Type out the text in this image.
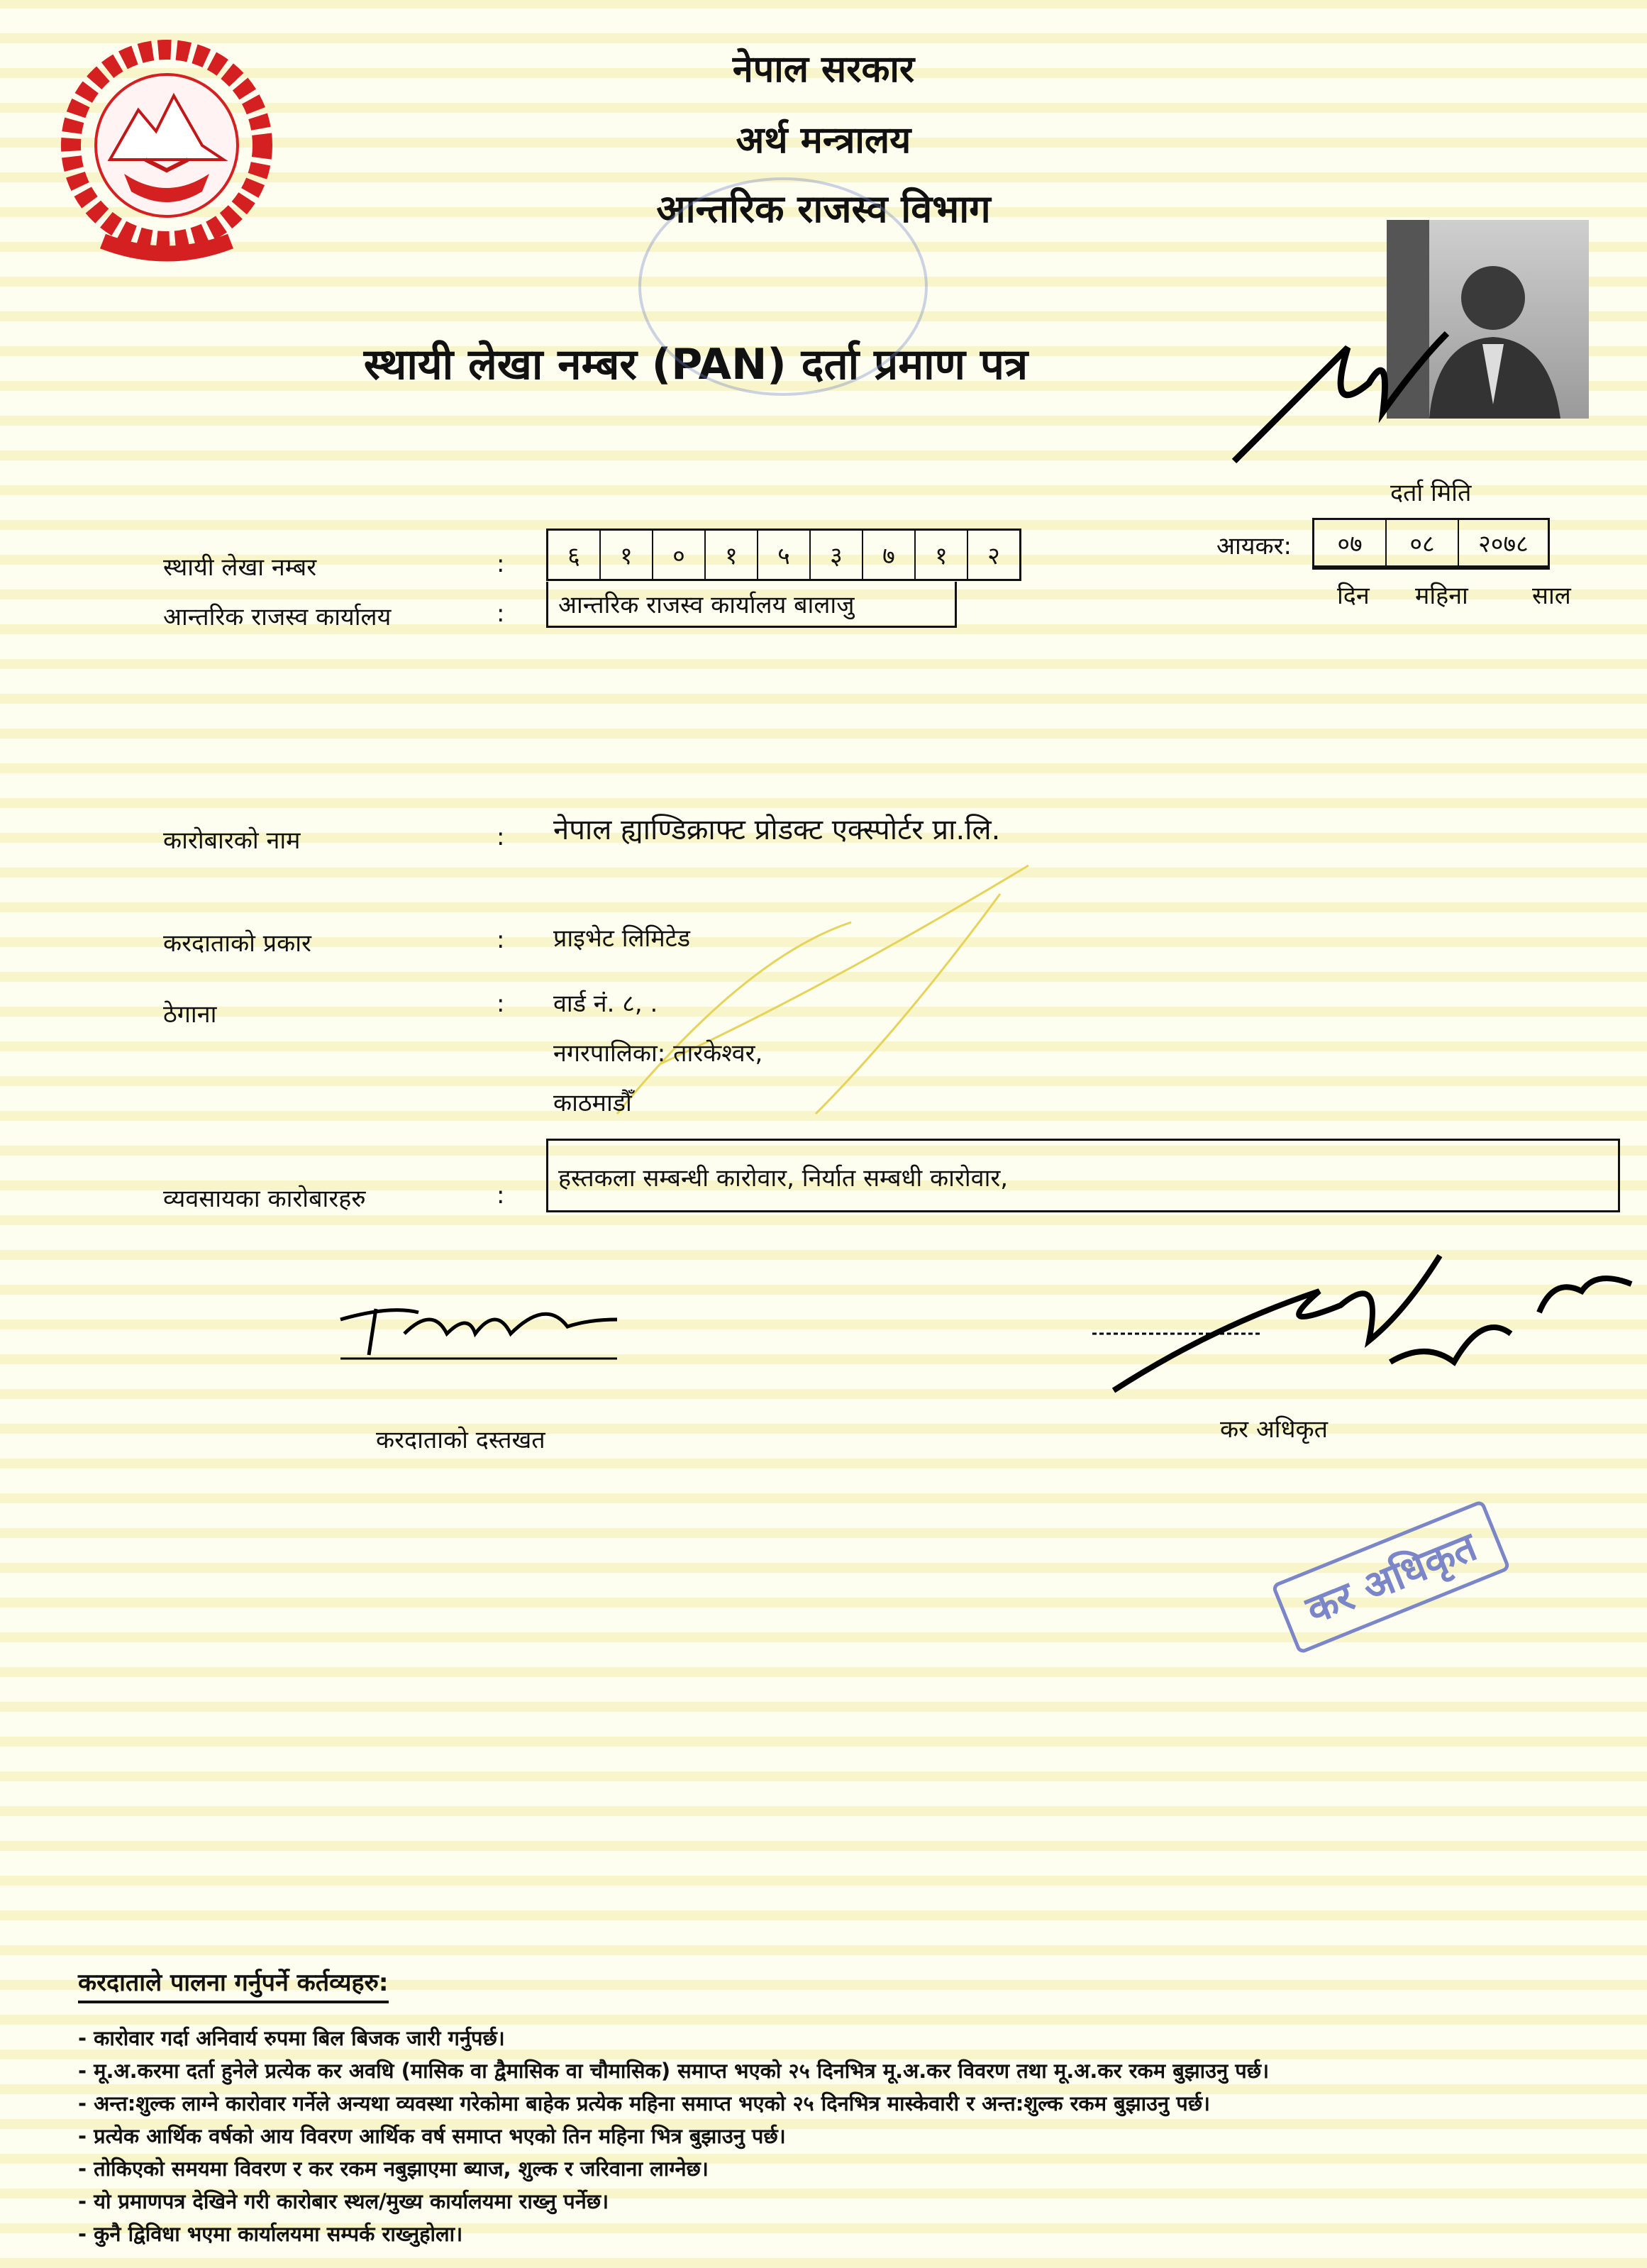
नेपाल सरकार
अर्थ मन्त्रालय
आन्तरिक राजस्व विभाग
स्थायी लेखा नम्बर (PAN) दर्ता प्रमाण पत्र
दर्ता मिति
आयकर:	०७	०८	२०७८
दिन महिना	साल
स्थायी लेखा नम्बर	:	६	१	०	१	५	३	७	१	२
आन्तरिक राजस्व कार्यालय	:	आन्तरिक राजस्व कार्यालय बालाजु
कारोबारको नाम	: नेपाल ह्याण्डिक्राफ्ट प्रोडक्ट एक्स्पोर्टर प्रा.लि.
करदाताको प्रकार	: प्राइभेट लिमिटेड
ठेगाना	: वार्ड नं. ८, .
नगरपालिका: तारकेश्वर,
काठमाडौँ
व्यवसायका कारोबारहरु	:
हस्तकला सम्बन्धी कारोवार, निर्यात सम्बधी कारोवार,
करदाताको दस्तखत	कर अधिकृत
कर अधिकृत
करदाताले पालना गर्नुपर्ने कर्तव्यहरु:
- कारोवार गर्दा अनिवार्य रुपमा बिल बिजक जारी गर्नुपर्छ।
- मू.अ.करमा दर्ता हुनेले प्रत्येक कर अवधि (मासिक वा द्वैमासिक वा चौमासिक) समाप्त भएको २५ दिनभित्र मू.अ.कर विवरण तथा मू.अ.कर रकम बुझाउनु पर्छ।
- अन्त:शुल्क लाग्ने कारोवार गर्नेले अन्यथा व्यवस्था गरेकोमा बाहेक प्रत्येक महिना समाप्त भएको २५ दिनभित्र मास्केवारी र अन्त:शुल्क रकम बुझाउनु पर्छ।
- प्रत्येक आर्थिक वर्षको आय विवरण आर्थिक वर्ष समाप्त भएको तिन महिना भित्र बुझाउनु पर्छ।
- तोकिएको समयमा विवरण र कर रकम नबुझाएमा ब्याज, शुल्क र जरिवाना लाग्नेछ।
- यो प्रमाणपत्र देखिने गरी कारोबार स्थल/मुख्य कार्यालयमा राख्नु पर्नेछ।
- कुनै द्विविधा भएमा कार्यालयमा सम्पर्क राख्नुहोला।
